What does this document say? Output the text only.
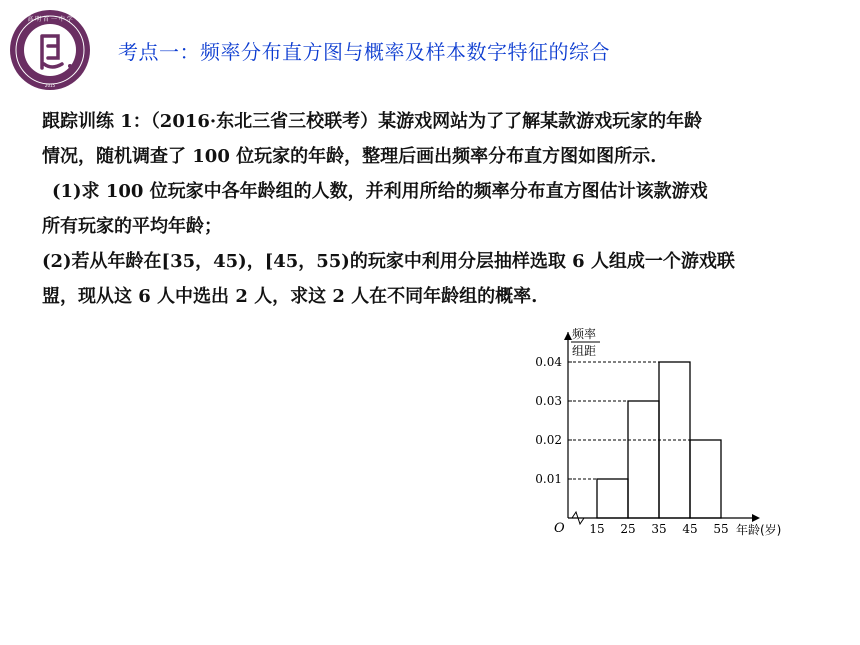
高 明 首 一 中 学
2015
考点一：频率分布直方图与概率及样本数字特征的综合

跟踪训练 1：（2016·东北三省三校联考）某游戏网站为了了解某款游戏玩家的年龄

情况，随机调查了 100 位玩家的年龄，整理后画出频率分布直方图如图所示.

(1)求 100 位玩家中各年龄组的人数，并利用所给的频率分布直方图估计该款游戏

所有玩家的平均年龄；

(2)若从年龄在[35，45)，[45，55)的玩家中利用分层抽样选取 6 人组成一个游戏联

盟，现从这 6 人中选出 2 人，求这 2 人在不同年龄组的概率.

O
频率
组距
0.01
0.02
0.03
0.04
15 25 35 45 55 年龄(岁)
